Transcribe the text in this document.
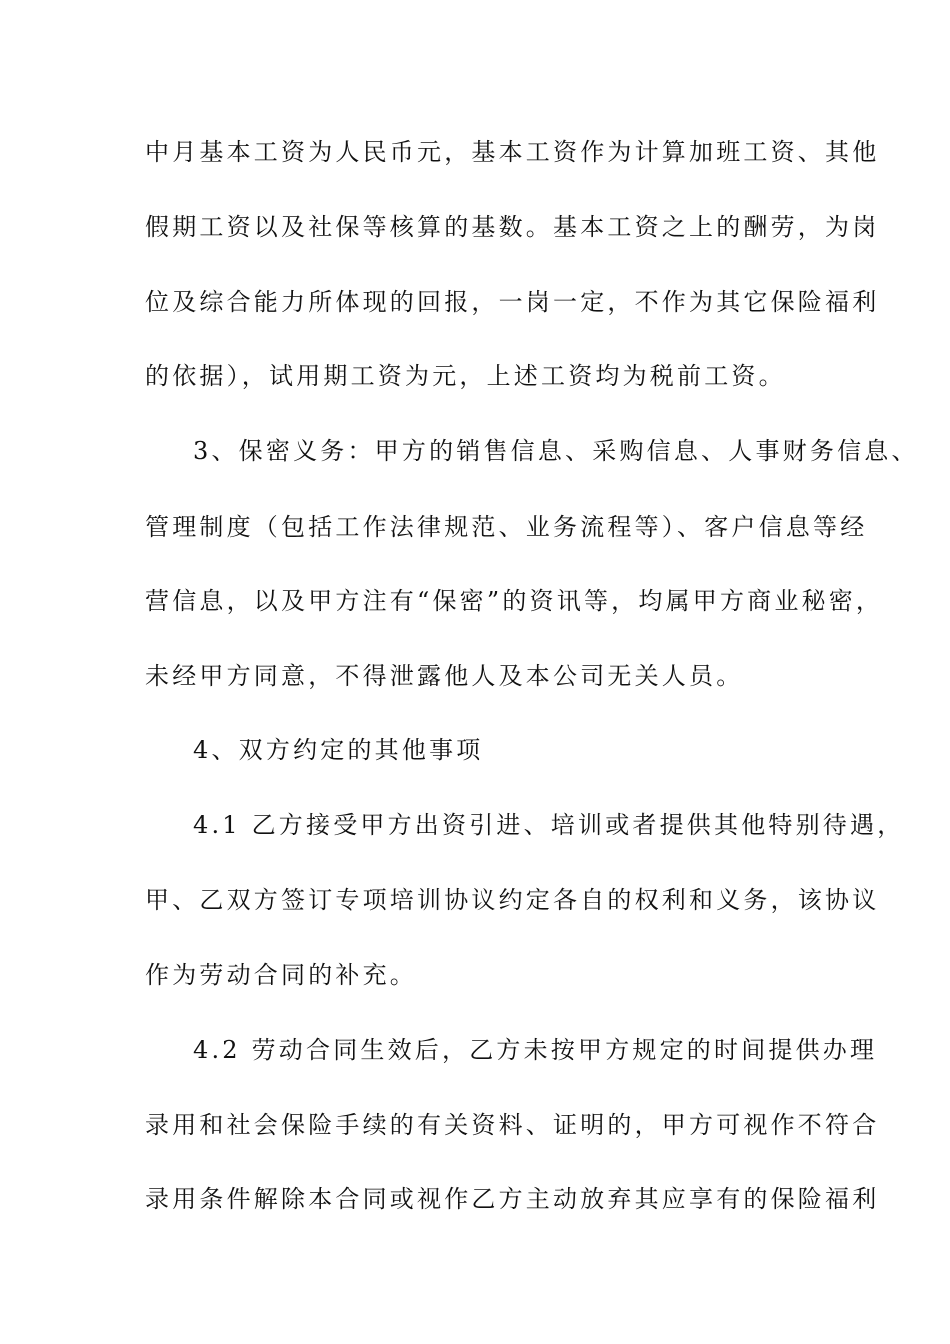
中月基本工资为人民币元，基本工资作为计算加班工资、其他
假期工资以及社保等核算的基数。基本工资之上的酬劳，为岗
位及综合能力所体现的回报，一岗一定，不作为其它保险福利
的依据），试用期工资为元，上述工资均为税前工资。
3、保密义务：甲方的销售信息、采购信息、人事财务信息、
管理制度（包括工作法律规范、业务流程等）、客户信息等经
营信息，以及甲方注有“保密”的资讯等，均属甲方商业秘密，
未经甲方同意，不得泄露他人及本公司无关人员。
4、双方约定的其他事项
4.1 乙方接受甲方出资引进、培训或者提供其他特别待遇，
甲、乙双方签订专项培训协议约定各自的权利和义务，该协议
作为劳动合同的补充。
4.2 劳动合同生效后，乙方未按甲方规定的时间提供办理
录用和社会保险手续的有关资料、证明的，甲方可视作不符合
录用条件解除本合同或视作乙方主动放弃其应享有的保险福利
